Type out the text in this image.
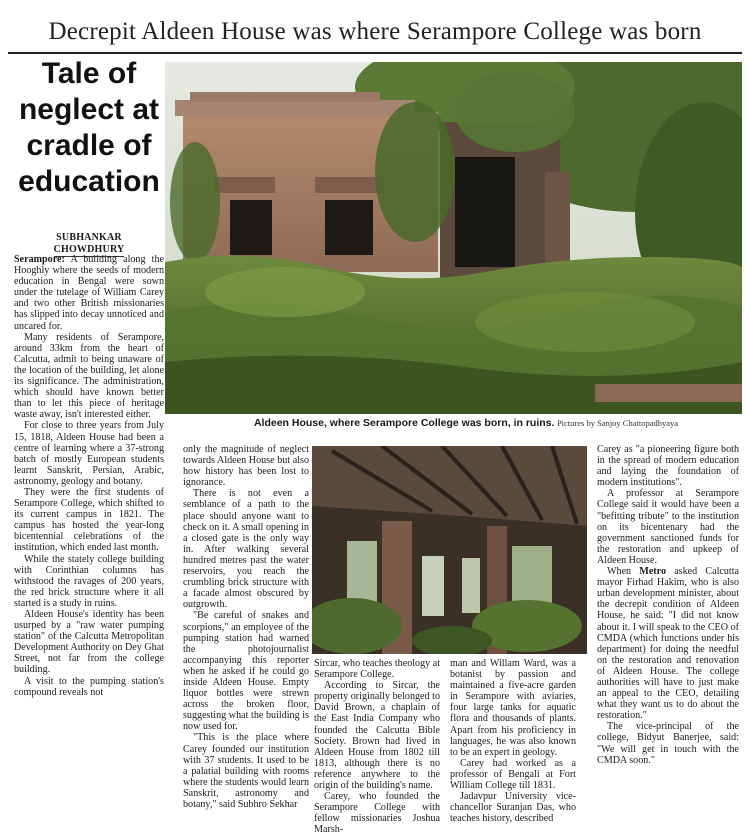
Decrepit Aldeen House was where Serampore College was born
Tale of
neglect at
cradle of
education
SUBHANKAR
CHOWDHURY
Aldeen House, where Serampore College was born, in ruins. Pictures by Sanjoy Chattopadhyaya

Serampore: A building along the Hooghly where the seeds of modern education in Bengal were sown under the tutelage of William Carey and two other British missionaries has slipped into decay unnoticed and uncared for.

Many residents of Serampore, around 33km from the heart of Calcutta, admit to being unaware of the location of the building, let alone its significance. The administration, which should have known better than to let this piece of heritage waste away, isn't interested either.

For close to three years from July 15, 1818, Aldeen House had been a centre of learning where a 37-strong batch of mostly European students learnt Sanskrit, Persian, Arabic, astronomy, geology and botany.

They were the first students of Serampore College, which shifted to its current campus in 1821. The campus has hosted the year-long bicentennial celebrations of the institution, which ended last month.

While the stately college building with Corinthian columns has withstood the ravages of 200 years, the red brick structure where it all started is a study in ruins.

Aldeen House's identity has been usurped by a "raw water pumping station" of the Calcutta Metropolitan Development Authority on Dey Ghat Street, not far from the college building.

A visit to the pumping station's compound reveals not

only the magnitude of neglect towards Aldeen House but also how history has been lost to ignorance.

There is not even a semblance of a path to the place should anyone want to check on it. A small opening in a closed gate is the only way in. After walking several hundred metres past the water reservoirs, you reach the crumbling brick structure with a facade almost obscured by outgrowth.

"Be careful of snakes and scorpions," an employee of the pumping station had warned the photojournalist accompanying this reporter when he asked if he could go inside Aldeen House. Empty liquor bottles were strewn across the broken floor, suggesting what the building is now used for.

"This is the place where Carey founded our institution with 37 students. It used to be a palatial building with rooms where the students would learn Sanskrit, astronomy and botany," said Subhro Sekhar

Sircar, who teaches theology at Serampore College.

According to Sircar, the property originally belonged to David Brown, a chaplain of the East India Company who founded the Calcutta Bible Society. Brown had lived in Aldeen House from 1802 till 1813, although there is no reference anywhere to the origin of the building's name.

Carey, who founded the Serampore College with fellow missionaries Joshua Marsh-

man and Willam Ward, was a botanist by passion and maintained a five-acre garden in Serampore with aviaries, four large tanks for aquatic flora and thousands of plants. Apart from his proficiency in languages, he was also known to be an expert in geology.

Carey had worked as a professor of Bengali at Fort William College till 1831.

Jadavpur University vice-chancellor Suranjan Das, who teaches history, described

Carey as "a pioneering figure both in the spread of modern education and laying the foundation of modern institutions".

A professor at Serampore College said it would have been a "befitting tribute" to the institution on its bicentenary had the government sanctioned funds for the restoration and upkeep of Aldeen House.

When Metro asked Calcutta mayor Firhad Hakim, who is also urban development minister, about the decrepit condition of Aldeen House, he said: "I did not know about it. I will speak to the CEO of CMDA (which functions under his department) for doing the needful on the restoration and renovation of Aldeen House. The college authorities will have to just make an appeal to the CEO, detailing what they want us to do about the restoration."

The vice-principal of the college, Bidyut Banerjee, said: "We will get in touch with the CMDA soon."
